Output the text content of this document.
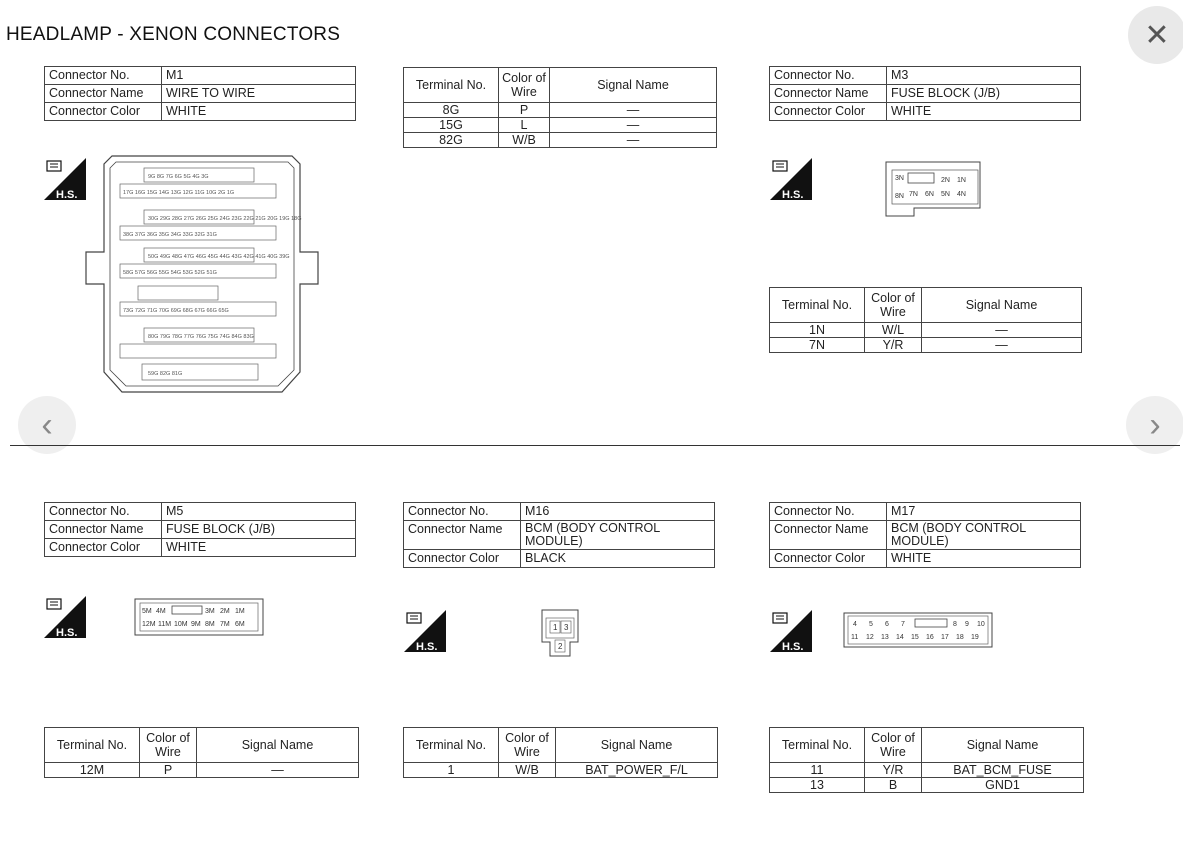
HEADLAMP - XENON CONNECTORS	✕
‹	›
Connector No.	M1
Connector Name	WIRE TO WIRE
Connector Color	WHITE
H.S.
9G 8G 7G 6G 5G 4G 3G
17G 16G 15G 14G 13G 12G 11G 10G 2G 1G
30G 29G 28G 27G 26G 25G 24G 23G 22G 21G 20G 19G 18G
38G 37G 36G 35G 34G 33G 32G 31G
50G 49G 48G 47G 46G 45G 44G 43G 42G 41G 40G 39G
58G 57G 56G 55G 54G 53G 52G 51G
73G 72G 71G 70G 69G 68G 67G 66G 65G
80G 79G 78G 77G 76G 75G 74G 84G 83G
59G 82G 81G
Terminal No.	Color of Wire	Signal Name
8G	P	—
15G	L	—
82G	W/B	—
Connector No.	M3
Connector Name	FUSE BLOCK (J/B)
Connector Color	WHITE
H.S.
3N	2N 1N
8N 7N 6N 5N 4N
Terminal No.	Color of Wire	Signal Name
1N	W/L	—
7N	Y/R	—
Connector No.	M5
Connector Name	FUSE BLOCK (J/B)
Connector Color	WHITE
H.S.
5M 4M	3M 2M 1M
12M 11M 10M 9M 8M 7M 6M
Terminal No.	Color of Wire	Signal Name
12M	P	—
Connector No.	M16
Connector Name	BCM (BODY CONTROL MODULE)
Connector Color	BLACK
H.S.
1 3
2
Terminal No.	Color of Wire	Signal Name
1	W/B	BAT_POWER_F/L
Connector No.	M17
Connector Name	BCM (BODY CONTROL MODULE)
Connector Color	WHITE
H.S.
4 5 6 7	8 9 10
11 12 13 14 15 16 17 18 19
Terminal No.	Color of Wire	Signal Name
11	Y/R	BAT_BCM_FUSE
13	B	GND1
